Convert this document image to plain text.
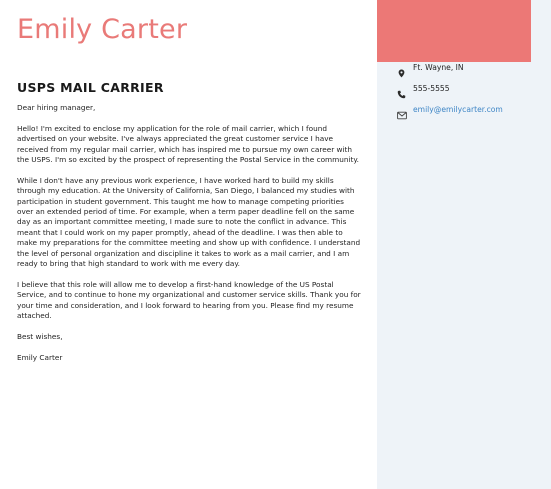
Emily Carter
USPS MAIL CARRIER

Dear hiring manager,

Hello! I'm excited to enclose my application for the role of mail carrier, which I found advertised on your website. I've always appreciated the great customer service I have received from my regular mail carrier, which has inspired me to pursue my own career with the USPS. I'm so excited by the prospect of representing the Postal Service in the community.

While I don't have any previous work experience, I have worked hard to build my skills through my education. At the University of California, San Diego, I balanced my studies with participation in student government. This taught me how to manage competing priorities over an extended period of time. For example, when a term paper deadline fell on the same day as an important committee meeting, I made sure to note the conflict in advance. This meant that I could work on my paper promptly, ahead of the deadline. I was then able to make my preparations for the committee meeting and show up with confidence. I understand the level of personal organization and discipline it takes to work as a mail carrier, and I am ready to bring that high standard to work with me every day.

I believe that this role will allow me to develop a first-hand knowledge of the US Postal Service, and to continue to hone my organizational and customer service skills. Thank you for your time and consideration, and I look forward to hearing from you. Please find my resume attached.

Best wishes,

Emily Carter

Ft. Wayne, IN
555-5555
emily@emilycarter.com
